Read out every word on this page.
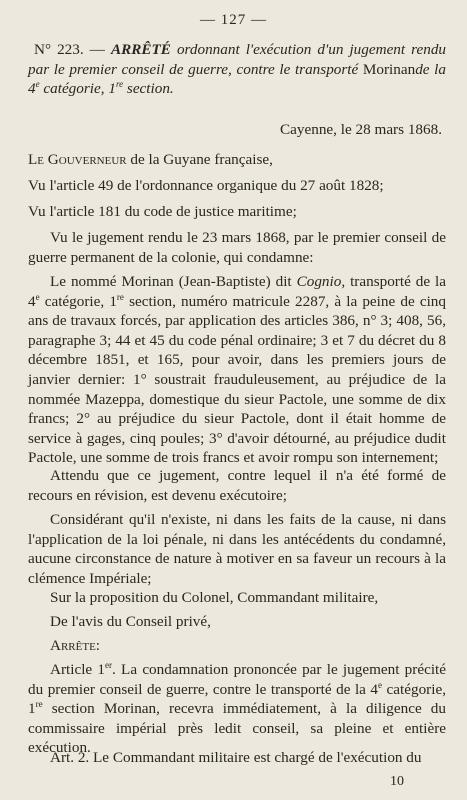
— 127 —
N° 223. — ARRÊTÉ ordonnant l'exécution d'un jugement rendu par le premier conseil de guerre, contre le transporté Morinande la 4e catégorie, 1re section.
Cayenne, le 28 mars 1868.
Le Gouverneur de la Guyane française,
Vu l'article 49 de l'ordonnance organique du 27 août 1828;
Vu l'article 181 du code de justice maritime;
Vu le jugement rendu le 23 mars 1868, par le premier conseil de guerre permanent de la colonie, qui condamne:
Le nommé Morinan (Jean-Baptiste) dit Cognio, transporté de la 4e catégorie, 1re section, numéro matricule 2287, à la peine de cinq ans de travaux forcés, par application des articles 386, n° 3; 408, 56, paragraphe 3; 44 et 45 du code pénal ordinaire; 3 et 7 du décret du 8 décembre 1851, et 165, pour avoir, dans les premiers jours de janvier dernier: 1° soustrait frauduleusement, au préjudice de la nommée Mazeppa, domestique du sieur Pactole, une somme de dix francs; 2° au préjudice du sieur Pactole, dont il était homme de service à gages, cinq poules; 3° d'avoir détourné, au préjudice dudit Pactole, une somme de trois francs et avoir rompu son internement;
Attendu que ce jugement, contre lequel il n'a été formé de recours en révision, est devenu exécutoire;
Considérant qu'il n'existe, ni dans les faits de la cause, ni dans l'application de la loi pénale, ni dans les antécédents du condamné, aucune circonstance de nature à motiver en sa faveur un recours à la clémence Impériale;
Sur la proposition du Colonel, Commandant militaire,
De l'avis du Conseil privé,
Arrête:
Article 1er. La condamnation prononcée par le jugement précité du premier conseil de guerre, contre le transporté de la 4e catégorie, 1re section Morinan, recevra immédiatement, à la diligence du commissaire impérial près ledit conseil, sa pleine et entière exécution.
Art. 2. Le Commandant militaire est chargé de l'exécution du
10
